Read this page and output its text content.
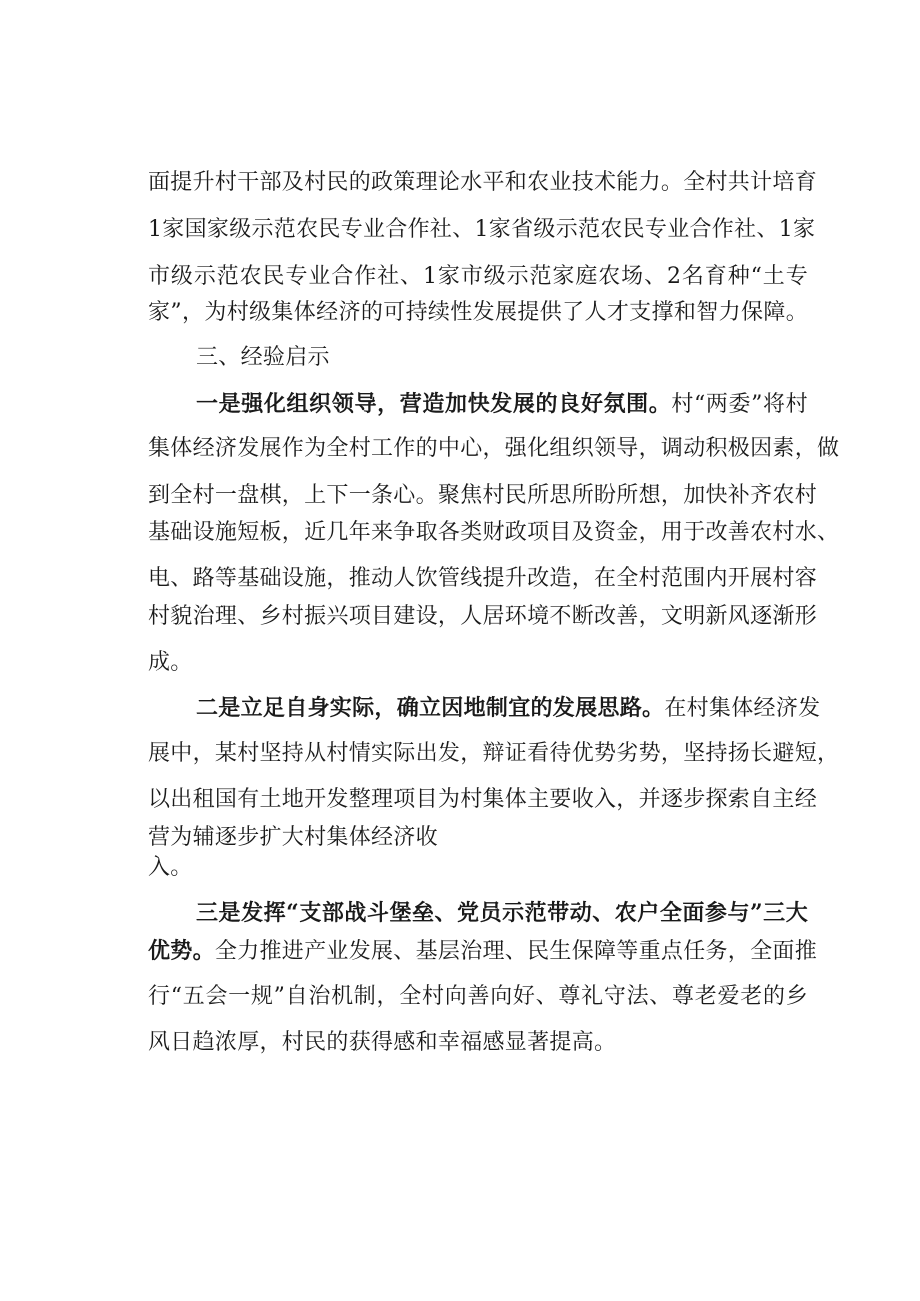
面提升村干部及村民的政策理论水平和农业技术能力。全村共计培育
1家国家级示范农民专业合作社、1家省级示范农民专业合作社、1家
市级示范农民专业合作社、1家市级示范家庭农场、2名育种“土专
家”，为村级集体经济的可持续性发展提供了人才支撑和智力保障。
三、经验启示
一是强化组织领导，营造加快发展的良好氛围。村“两委”将村
集体经济发展作为全村工作的中心，强化组织领导，调动积极因素，做
到全村一盘棋，上下一条心。聚焦村民所思所盼所想，加快补齐农村
基础设施短板，近几年来争取各类财政项目及资金，用于改善农村水、
电、路等基础设施，推动人饮管线提升改造，在全村范围内开展村容
村貌治理、乡村振兴项目建设，人居环境不断改善，文明新风逐渐形
成。
二是立足自身实际，确立因地制宜的发展思路。在村集体经济发
展中，某村坚持从村情实际出发，辩证看待优势劣势，坚持扬长避短，
以出租国有土地开发整理项目为村集体主要收入，并逐步探索自主经
营为辅逐步扩大村集体经济收
入。
三是发挥“支部战斗堡垒、党员示范带动、农户全面参与”三大
优势。全力推进产业发展、基层治理、民生保障等重点任务，全面推
行“五会一规”自治机制，全村向善向好、尊礼守法、尊老爱老的乡
风日趋浓厚，村民的获得感和幸福感显著提高。
